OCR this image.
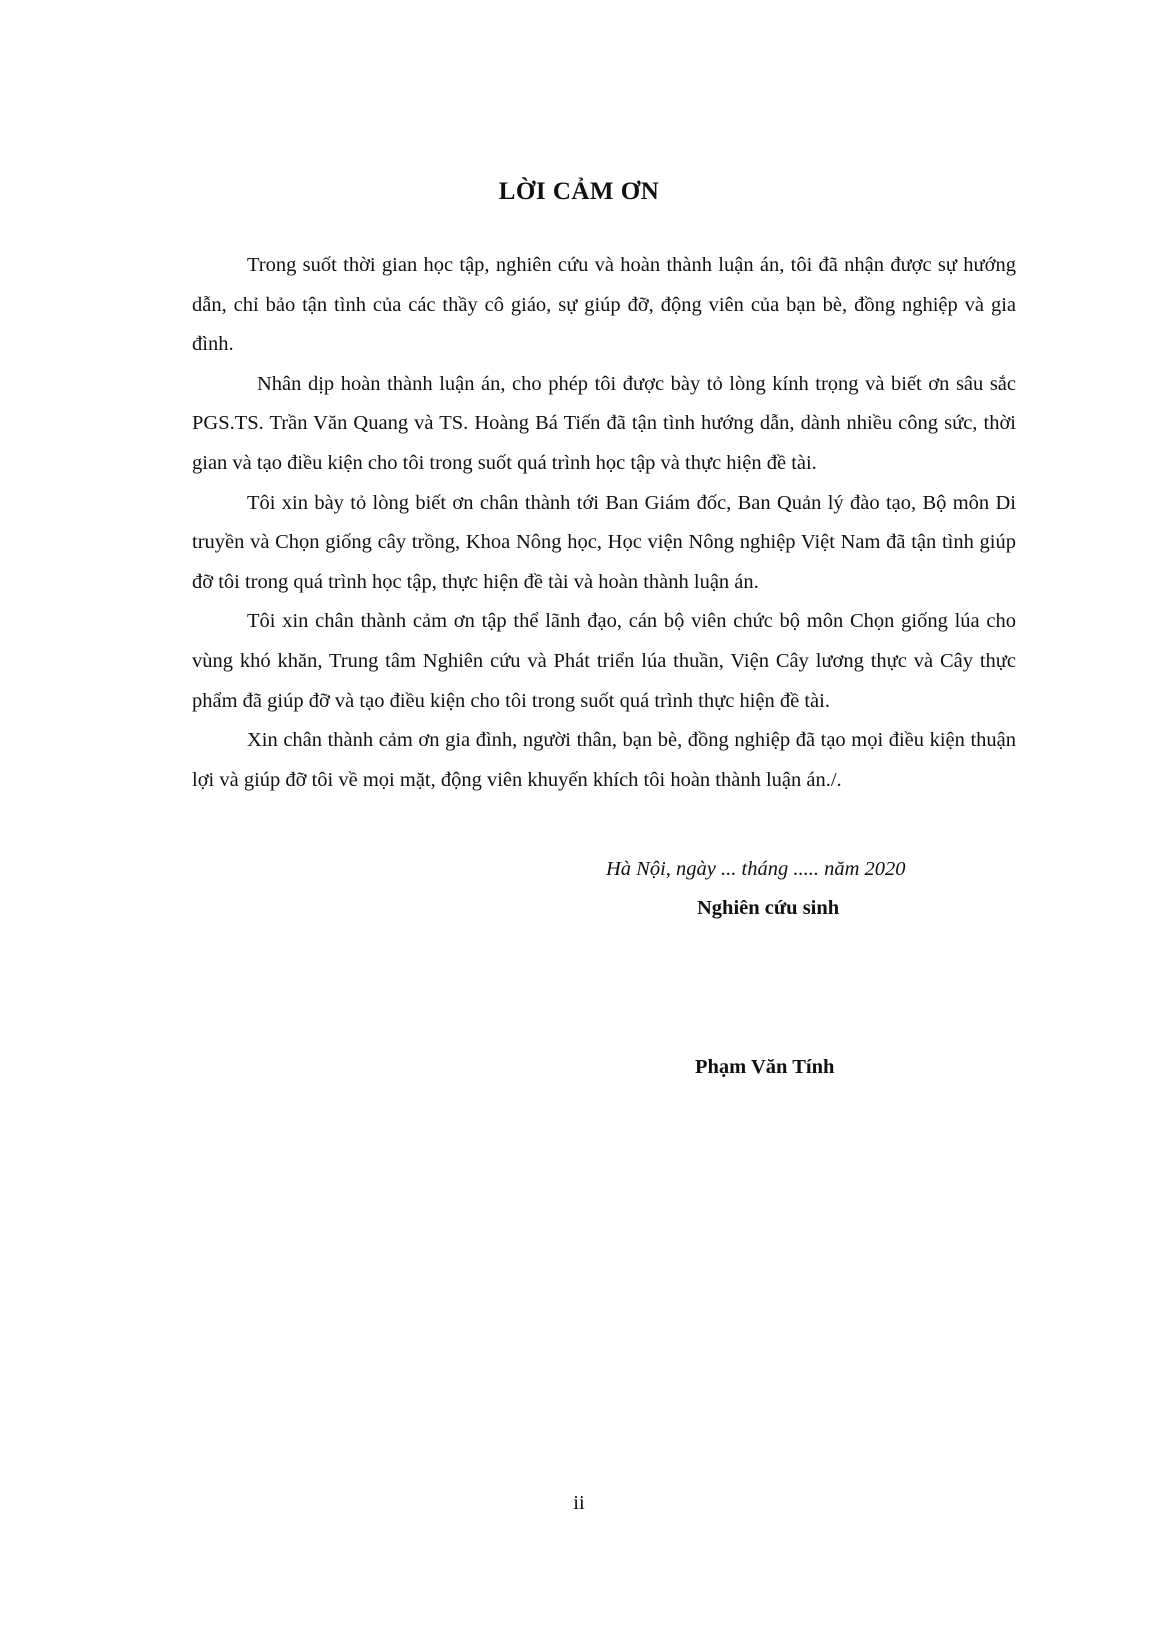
LỜI CẢM ƠN

Trong suốt thời gian học tập, nghiên cứu và hoàn thành luận án, tôi đã nhận được sự hướng dẫn, chỉ bảo tận tình của các thầy cô giáo, sự giúp đỡ, động viên của bạn bè, đồng nghiệp và gia đình.

Nhân dịp hoàn thành luận án, cho phép tôi được bày tỏ lòng kính trọng và biết ơn sâu sắc PGS.TS. Trần Văn Quang và TS. Hoàng Bá Tiến đã tận tình hướng dẫn, dành nhiều công sức, thời gian và tạo điều kiện cho tôi trong suốt quá trình học tập và thực hiện đề tài.

Tôi xin bày tỏ lòng biết ơn chân thành tới Ban Giám đốc, Ban Quản lý đào tạo, Bộ môn Di truyền và Chọn giống cây trồng, Khoa Nông học, Học viện Nông nghiệp Việt Nam đã tận tình giúp đỡ tôi trong quá trình học tập, thực hiện đề tài và hoàn thành luận án.

Tôi xin chân thành cảm ơn tập thể lãnh đạo, cán bộ viên chức bộ môn Chọn giống lúa cho vùng khó khăn, Trung tâm Nghiên cứu và Phát triển lúa thuần, Viện Cây lương thực và Cây thực phẩm đã giúp đỡ và tạo điều kiện cho tôi trong suốt quá trình thực hiện đề tài.

Xin chân thành cảm ơn gia đình, người thân, bạn bè, đồng nghiệp đã tạo mọi điều kiện thuận lợi và giúp đỡ tôi về mọi mặt, động viên khuyến khích tôi hoàn thành luận án./.

Hà Nội, ngày ... tháng ..... năm 2020
Nghiên cứu sinh
Phạm Văn Tính
ii
